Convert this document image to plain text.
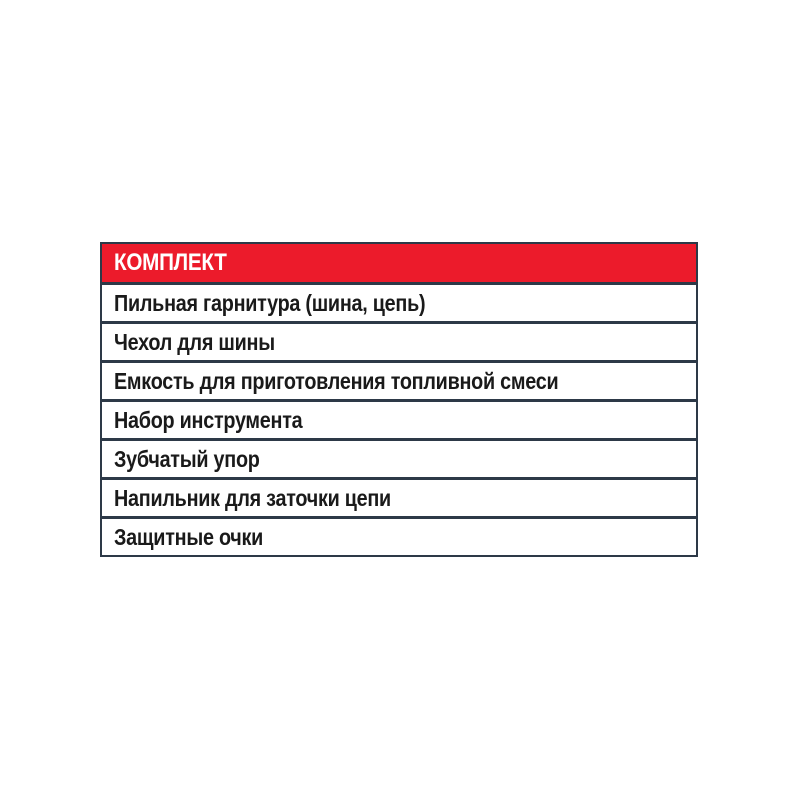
КОМПЛЕКТ
Пильная гарнитура (шина, цепь)
Чехол для шины
Емкость для приготовления топливной смеси
Набор инструмента
Зубчатый упор
Напильник для заточки цепи
Защитные очки
